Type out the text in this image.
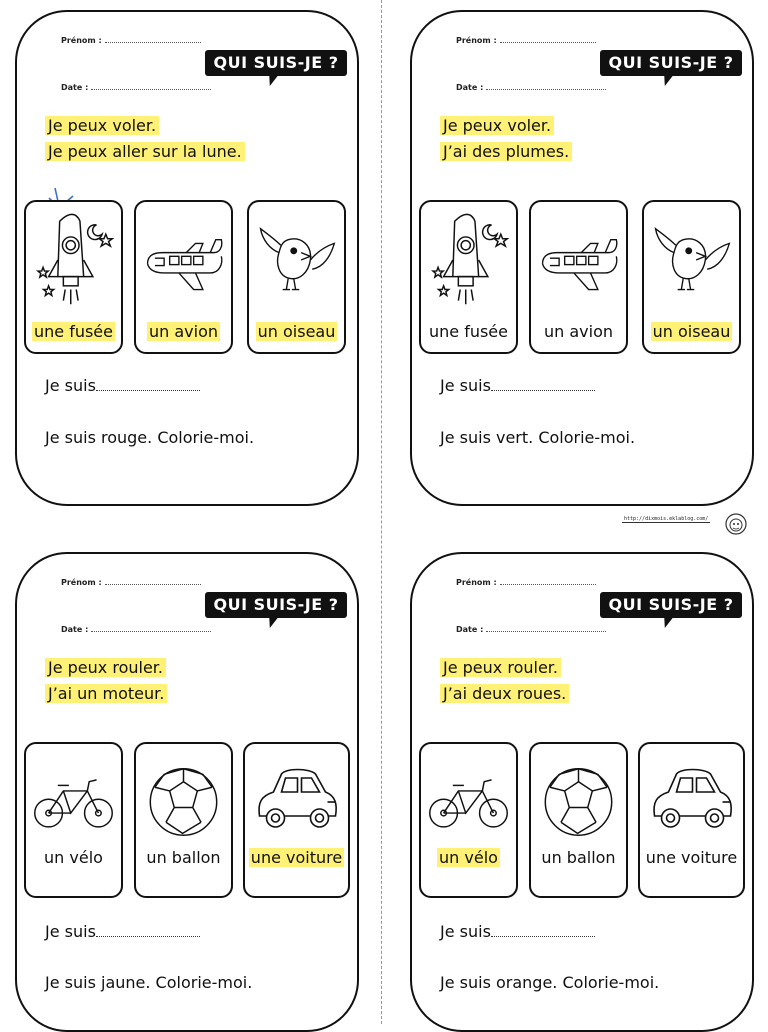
Prénom :
Date :
QUI SUIS-JE ?
Je peux voler.
Je peux aller sur la lune.
une fusée	un avion	un oiseau
Je suis
Je suis rouge. Colorie-moi.
Prénom :
Date :
QUI SUIS-JE ?
Je peux voler.
J’ai des plumes.
une fusée	un avion	un oiseau
Je suis
Je suis vert. Colorie-moi.
http://dixmois.eklablog.com/
Prénom :
Date :
QUI SUIS-JE ?
Je peux rouler.
J’ai un moteur.
un vélo	un ballon	une voiture
Je suis
Je suis jaune. Colorie-moi.
Prénom :
Date :
QUI SUIS-JE ?
Je peux rouler.
J’ai deux roues.
un vélo	un ballon	une voiture
Je suis
Je suis orange. Colorie-moi.
